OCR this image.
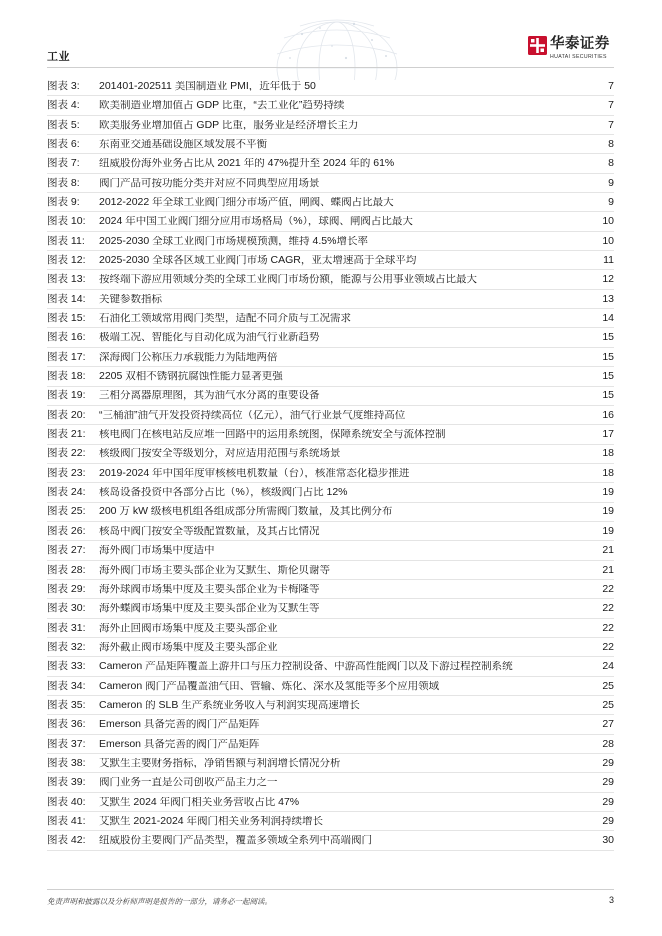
工业
华泰证券
HUATAI SECURITIES
图表 3:	201401-202511 美国制造业 PMI，近年低于 50	7
图表 4:	欧美制造业增加值占 GDP 比重，“去工业化”趋势持续	7
图表 5:	欧美服务业增加值占 GDP 比重，服务业是经济增长主力	7
图表 6:	东南亚交通基础设施区域发展不平衡	8
图表 7:	纽威股份海外业务占比从 2021 年的 47%提升至 2024 年的 61%	8
图表 8:	阀门产品可按功能分类并对应不同典型应用场景	9
图表 9:	2012-2022 年全球工业阀门细分市场产值，闸阀、蝶阀占比最大	9
图表 10:	2024 年中国工业阀门细分应用市场格局（%），球阀、闸阀占比最大	10
图表 11:	2025-2030 全球工业阀门市场规模预测，维持 4.5%增长率	10
图表 12:	2025-2030 全球各区域工业阀门市场 CAGR，亚太增速高于全球平均	11
图表 13:	按终端下游应用领域分类的全球工业阀门市场份额，能源与公用事业领域占比最大	12
图表 14:	关键参数指标	13
图表 15:	石油化工领域常用阀门类型，适配不同介质与工况需求	14
图表 16:	极端工况、智能化与自动化成为油气行业新趋势	15
图表 17:	深海阀门公称压力承载能力为陆地两倍	15
图表 18:	2205 双相不锈钢抗腐蚀性能力显著更强	15
图表 19:	三相分离器原理图，其为油气水分离的重要设备	15
图表 20:	“三桶油”油气开发投资持续高位（亿元），油气行业景气度维持高位	16
图表 21:	核电阀门在核电站反应堆一回路中的运用系统图，保障系统安全与流体控制	17
图表 22:	核级阀门按安全等级划分，对应适用范围与系统场景	18
图表 23:	2019-2024 年中国年度审核核电机数量（台），核准常态化稳步推进	18
图表 24:	核岛设备投资中各部分占比（%），核级阀门占比 12%	19
图表 25:	200 万 kW 级核电机组各组成部分所需阀门数量，及其比例分布	19
图表 26:	核岛中阀门按安全等级配置数量，及其占比情况	19
图表 27:	海外阀门市场集中度适中	21
图表 28:	海外阀门市场主要头部企业为艾默生、斯伦贝谢等	21
图表 29:	海外球阀市场集中度及主要头部企业为卡梅隆等	22
图表 30:	海外蝶阀市场集中度及主要头部企业为艾默生等	22
图表 31:	海外止回阀市场集中度及主要头部企业	22
图表 32:	海外截止阀市场集中度及主要头部企业	22
图表 33:	Cameron 产品矩阵覆盖上游井口与压力控制设备、中游高性能阀门以及下游过程控制系统	24
图表 34:	Cameron 阀门产品覆盖油气田、管输、炼化、深水及氢能等多个应用领域	25
图表 35:	Cameron 的 SLB 生产系统业务收入与利润实现高速增长	25
图表 36:	Emerson 具备完善的阀门产品矩阵	27
图表 37:	Emerson 具备完善的阀门产品矩阵	28
图表 38:	艾默生主要财务指标，净销售额与利润增长情况分析	29
图表 39:	阀门业务一直是公司创收产品主力之一	29
图表 40:	艾默生 2024 年阀门相关业务营收占比 47%	29
图表 41:	艾默生 2021-2024 年阀门相关业务利润持续增长	29
图表 42:	纽威股份主要阀门产品类型，覆盖多领域全系列中高端阀门	30
免责声明和披露以及分析师声明是报告的一部分，请务必一起阅读。	3
